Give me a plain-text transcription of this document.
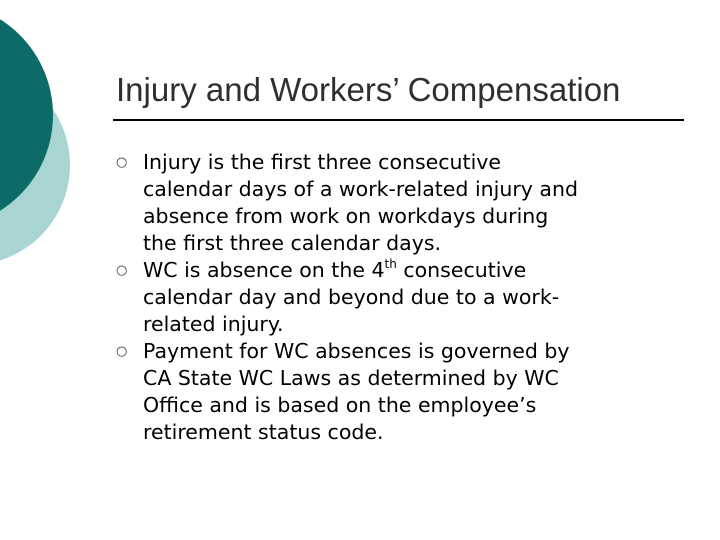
Injury and Workers’ Compensation
○ Injury is the first three consecutive
calendar days of a work-related injury and
absence from work on workdays during
the first three calendar days.
○ WC is absence on the 4th consecutive
calendar day and beyond due to a work-
related injury.
○ Payment for WC absences is governed by
CA State WC Laws as determined by WC
Office and is based on the employee’s
retirement status code.
